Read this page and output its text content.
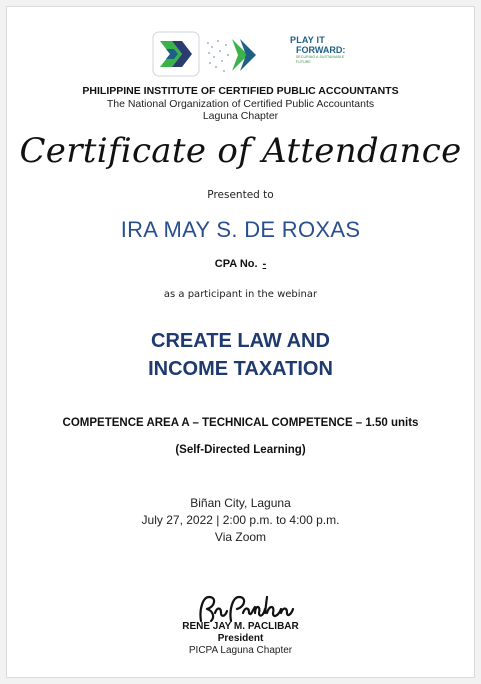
PLAY IT
FORWARD:
SECURING A SUSTAINABLE FUTURE
PHILIPPINE INSTITUTE OF CERTIFIED PUBLIC ACCOUNTANTS
The National Organization of Certified Public Accountants
Laguna Chapter
Certificate of Attendance
Presented to
IRA MAY S. DE ROXAS
CPA No. -
as a participant in the webinar
CREATE LAW AND
INCOME TAXATION
COMPETENCE AREA A – TECHNICAL COMPETENCE – 1.50 units
(Self-Directed Learning)
Biñan City, Laguna
July 27, 2022 | 2:00 p.m. to 4:00 p.m.
Via Zoom
RENE JAY M. PACLIBAR
President
PICPA Laguna Chapter
